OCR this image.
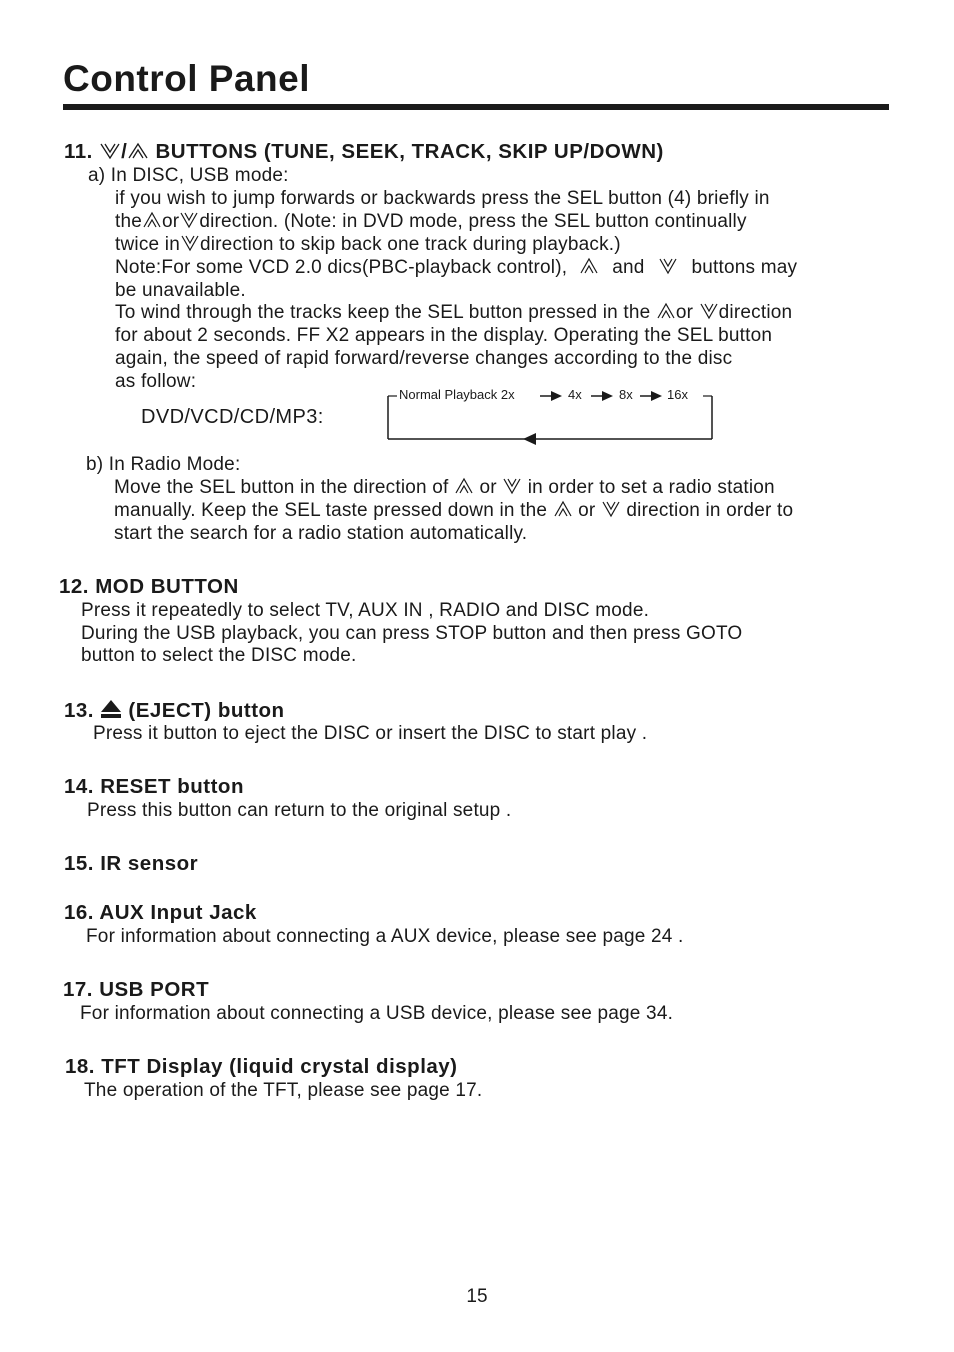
Control Panel
11. / BUTTONS (TUNE, SEEK, TRACK, SKIP UP/DOWN)
a) In DISC, USB mode:
if you wish to jump forwards or backwards press the SEL button (4) briefly in
the or direction. (Note: in DVD mode, press the SEL button continually
twice in direction to skip back one track during playback.)
Note:For some VCD 2.0 dics(PBC-playback control), and buttons may
be unavailable.
To wind through the tracks keep the SEL button pressed in the or direction
for about 2 seconds. FF X2 appears in the display. Operating the SEL button
again, the speed of rapid forward/reverse changes according to the disc
as follow:
DVD/VCD/CD/MP3:
Normal Playback 2x	4x	8x	16x
b) In Radio Mode:
Move the SEL button in the direction of or in order to set a radio station
manually. Keep the SEL taste pressed down in the or direction in order to
start the search for a radio station automatically.
12. MOD BUTTON
Press it repeatedly to select TV, AUX IN , RADIO and DISC mode.
During the USB playback, you can press STOP button and then press GOTO
button to select the DISC mode.
13. (EJECT) button
Press it button to eject the DISC or insert the DISC to start play .
14. RESET button
Press this button can return to the original setup .
15. IR sensor
16. AUX Input Jack
For information about connecting a AUX device, please see page 24 .
17. USB PORT
For information about connecting a USB device, please see page 34.
18. TFT Display (liquid crystal display)
The operation of the TFT, please see page 17.
15
